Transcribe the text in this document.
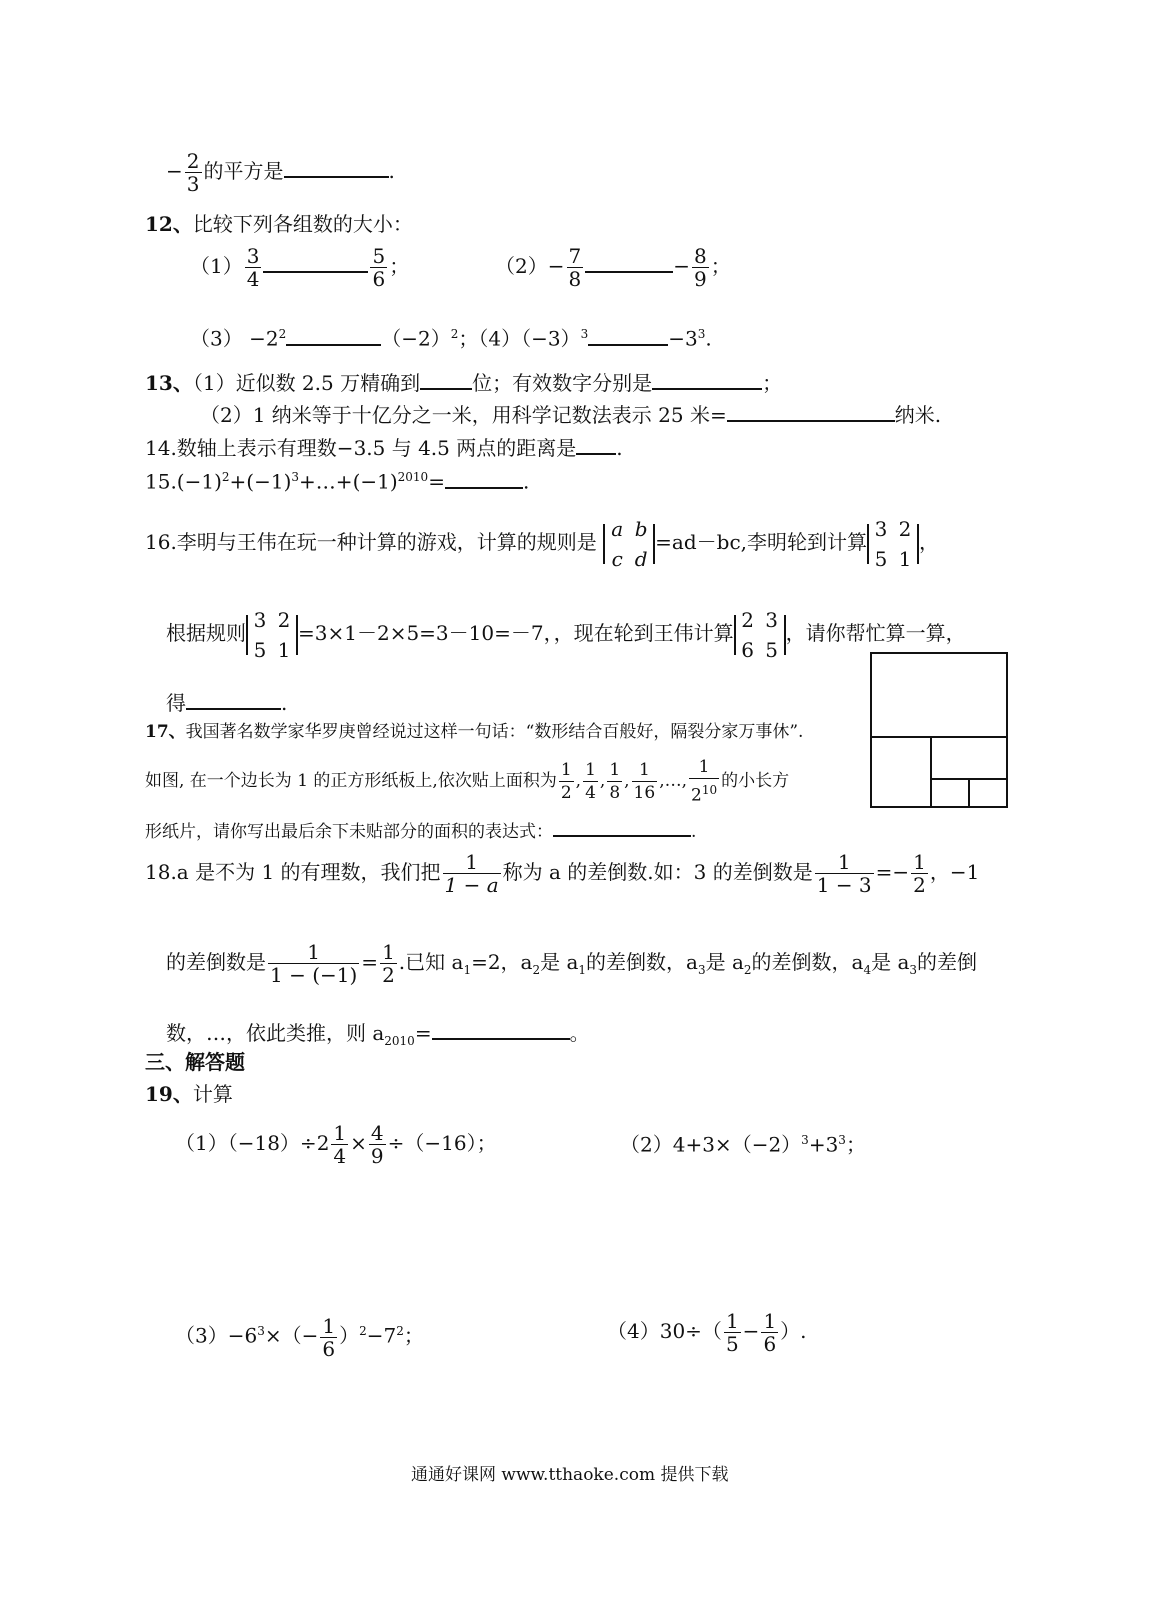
− $\frac{2}{3}$ 的平方是	.
12、比较下列各组数的大小：
$(1) \frac{3}{4}$	$\frac{5}{6}$ ；	$(2)- \frac{7}{8}$	− $\frac{8}{9}$ ；
$(3) -2^2$	$(-2)^2$；$(4)(-3)^3$	$-3^3$.
13、（1）近似数 2.5 万精确到	位；有效数字分别是	；
（2）1 纳米等于十亿分之一米，用科学记数法表示 25 米=	纳米.
14.数轴上表示有理数−3.5 与 4.5 两点的距离是 .
$15.(-1)^2+(-1)^3+\dots+(-1)^{2010}=$	.
16.李明与王伟在玩一种计算的游戏，计算的规则是 a b
c d=ad－bc,李明轮到计算3 2
5 1，
根据规则3 2
5 1=3×1－2×5=3－10=－7，，现在轮到王伟计算2 3
6 5，请你帮忙算一算，
得	.
17、我国著名数学家华罗庚曾经说过这样一句话：“数形结合百般好，隔裂分家万事休”.
如图, 在一个边长为 1 的正方形纸板上,依次贴上面积为 $\frac{1}{2}$ , $\frac{1}{4}$ , $\frac{1}{8}$ , $\frac{1}{16}$ ,…, $\frac{1}{2^{10}}$ 的小长方
形纸片，请你写出最后余下未贴部分的面积的表达式：	.
18.a 是不为 1 的有理数，我们把 $\frac{1}{1 - a}$ 称为 a 的差倒数.如：3 的差倒数是 $\frac{1}{1 - 3} =- \frac{1}{2}$ ，−1
的差倒数是 $\frac{1}{1 - (-1)} = \frac{1}{2}$ .已知 $a_1=2$，$a_2$是 $a_1$的差倒数，$a_3$是 $a_2$的差倒数，$a_4$是 $a_3$的差倒
数，…，依此类推，则 $a_{2010}=$	。
三、解答题
19、计算
$(1)(-18)\div 2 \frac{1}{4} \times \frac{4}{9} \div(-16)$；	$(2)4+3\times(-2)^3+3^3$；
$(3)-6^3\times(- \frac{1}{6} )^2-7^2$；	$(4)30\div( \frac{1}{5} - \frac{1}{6}$ ）.
通通好课网 www.tthaoke.com 提供下载
